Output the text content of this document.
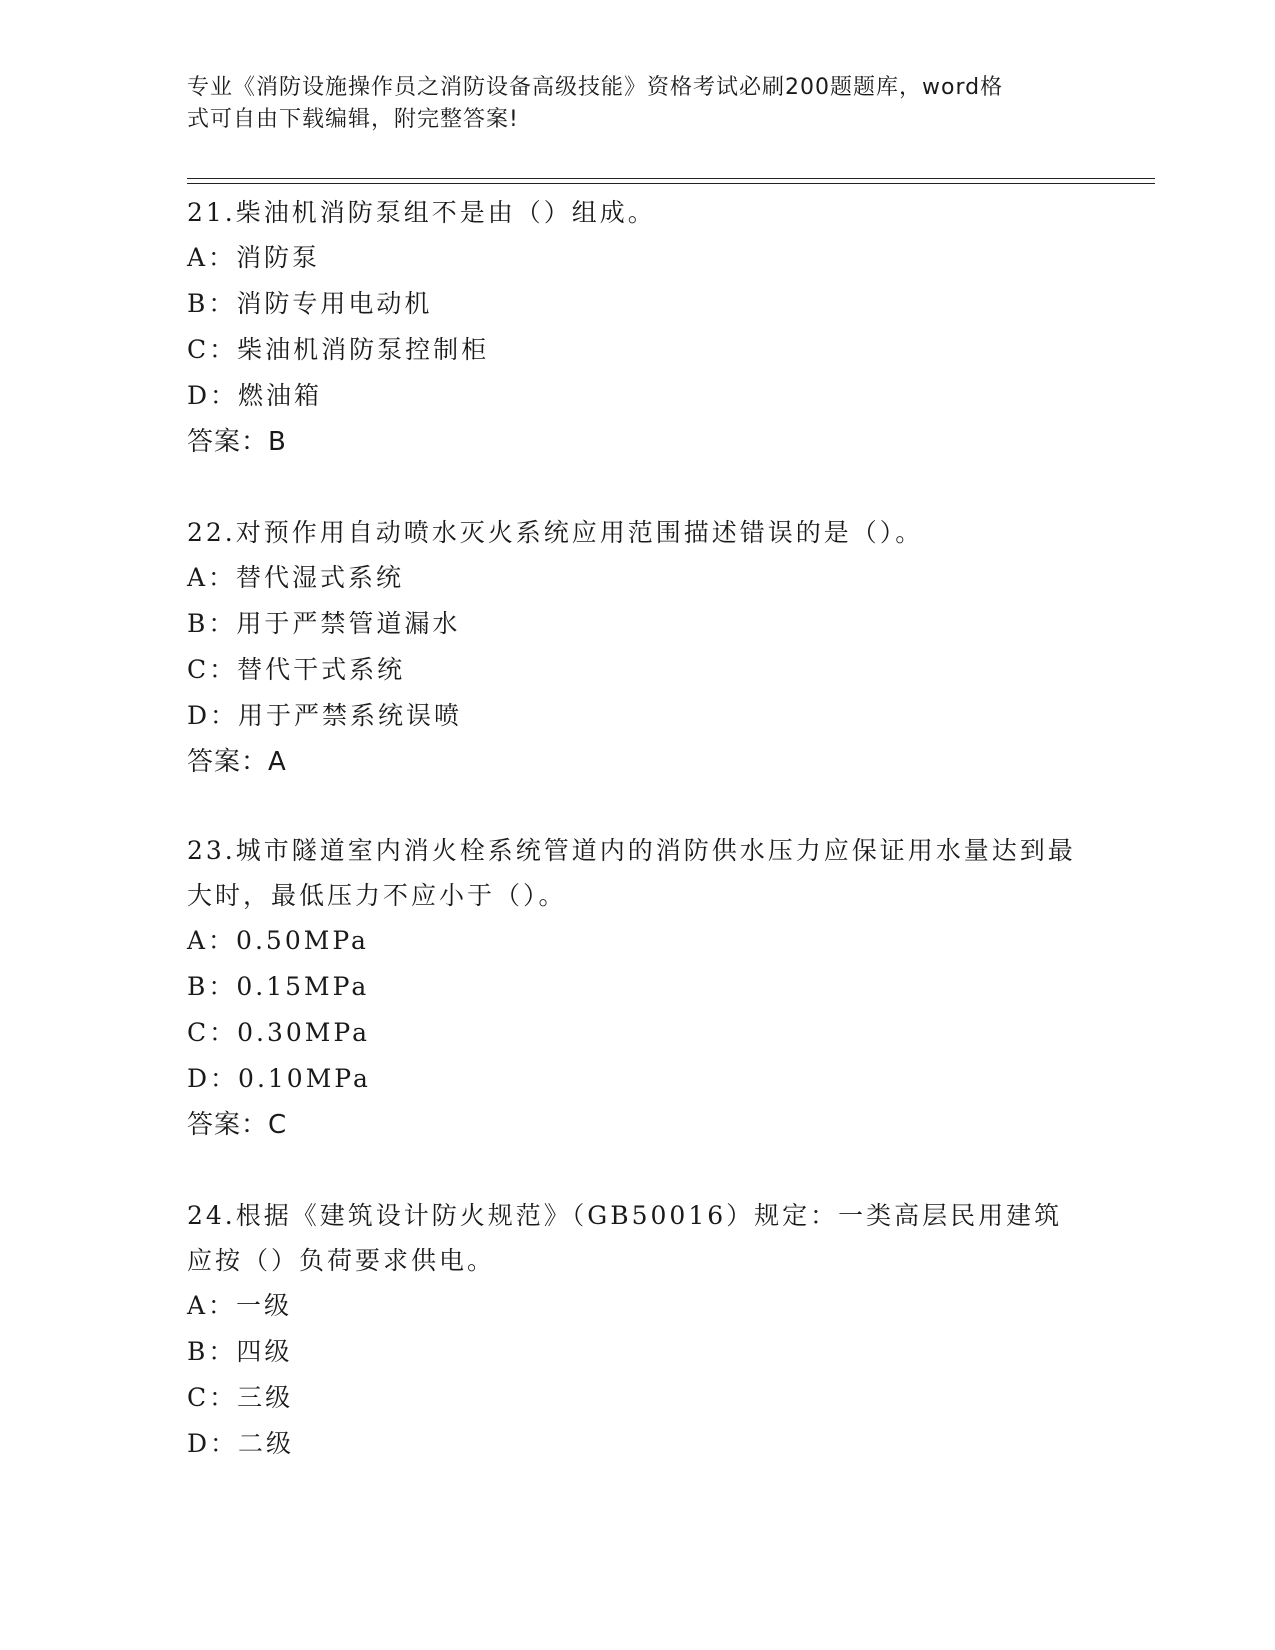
专业《消防设施操作员之消防设备高级技能》资格考试必刷200题题库，word格
式可自由下载编辑，附完整答案!

21.柴油机消防泵组不是由（）组成。

A：消防泵

B：消防专用电动机

C：柴油机消防泵控制柜

D：燃油箱

答案：B

22.对预作用自动喷水灭火系统应用范围描述错误的是（）。

A：替代湿式系统

B：用于严禁管道漏水

C：替代干式系统

D：用于严禁系统误喷

答案：A

23.城市隧道室内消火栓系统管道内的消防供水压力应保证用水量达到最大时，最低压力不应小于（）。

A：0.50MPa

B：0.15MPa

C：0.30MPa

D：0.10MPa

答案：C

24.根据《建筑设计防火规范》（GB50016）规定：一类高层民用建筑应按（）负荷要求供电。

A：一级

B：四级

C：三级

D：二级
